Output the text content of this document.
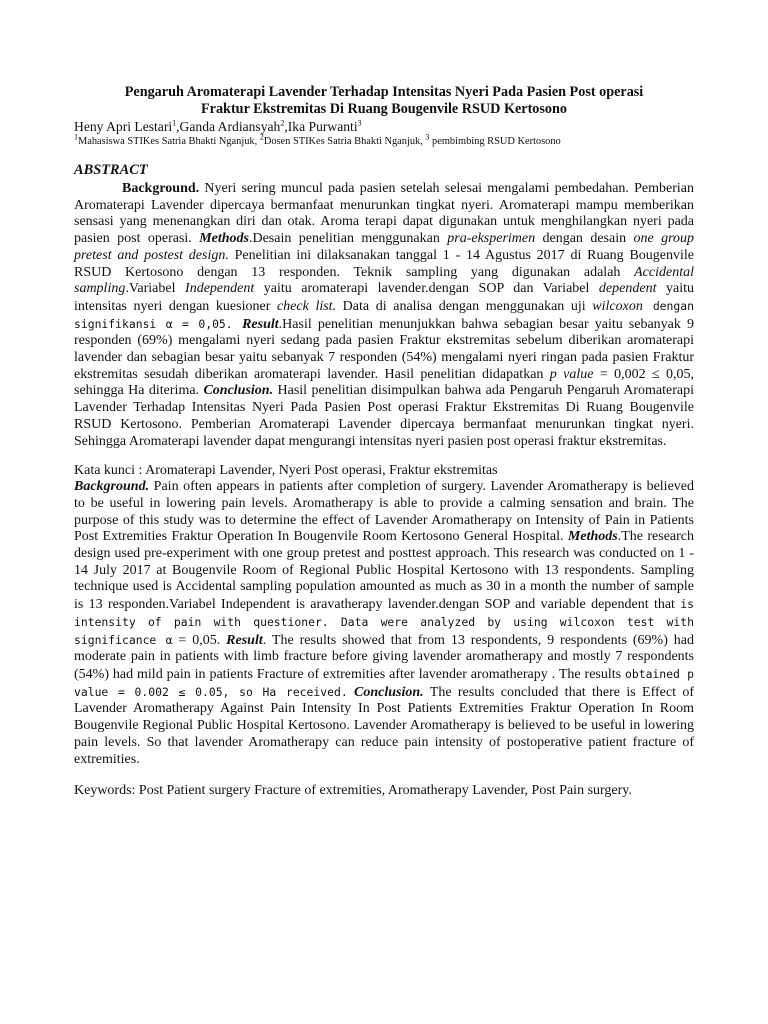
Pengaruh Aromaterapi Lavender Terhadap Intensitas Nyeri Pada Pasien Post operasi
Fraktur Ekstremitas Di Ruang Bougenvile RSUD Kertosono

Heny Apri Lestari$^1$,Ganda Ardiansyah$^2$,Ika Purwanti$^3$

$^1$Mahasiswa STIKes Satria Bhakti Nganjuk, $^2$Dosen STIKes Satria Bhakti Nganjuk, $^3$ pembimbing RSUD Kertosono

ABSTRACT

Background. Nyeri sering muncul pada pasien setelah selesai mengalami pembedahan. Pemberian Aromaterapi Lavender dipercaya bermanfaat menurunkan tingkat nyeri. Aromaterapi mampu memberikan sensasi yang menenangkan diri dan otak. Aroma terapi dapat digunakan untuk menghilangkan nyeri pada pasien post operasi. Methods.Desain penelitian menggunakan pra-eksperimen dengan desain one group pretest and postest design. Penelitian ini dilaksanakan tanggal 1 - 14 Agustus 2017 di Ruang Bougenvile RSUD Kertosono dengan 13 responden. Teknik sampling yang digunakan adalah Accidental sampling.Variabel Independent yaitu aromaterapi lavender.dengan SOP dan Variabel dependent yaitu intensitas nyeri dengan kuesioner check list. Data di analisa dengan menggunakan uji wilcoxon dengan signifikansi α = 0,05. Result.Hasil penelitian menunjukkan bahwa sebagian besar yaitu sebanyak 9 responden (69%) mengalami nyeri sedang pada pasien Fraktur ekstremitas sebelum diberikan aromaterapi lavender dan sebagian besar yaitu sebanyak 7 responden (54%) mengalami nyeri ringan pada pasien Fraktur ekstremitas sesudah diberikan aromaterapi lavender. Hasil penelitian didapatkan p value = 0,002 ≤ 0,05, sehingga Ha diterima. Conclusion. Hasil penelitian disimpulkan bahwa ada Pengaruh Pengaruh Aromaterapi Lavender Terhadap Intensitas Nyeri Pada Pasien Post operasi Fraktur Ekstremitas Di Ruang Bougenvile RSUD Kertosono. Pemberian Aromaterapi Lavender dipercaya bermanfaat menurunkan tingkat nyeri. Sehingga Aromaterapi lavender dapat mengurangi intensitas nyeri pasien post operasi fraktur ekstremitas.

Kata kunci : Aromaterapi Lavender, Nyeri Post operasi, Fraktur ekstremitas

Background. Pain often appears in patients after completion of surgery. Lavender Aromatherapy is believed to be useful in lowering pain levels. Aromatherapy is able to provide a calming sensation and brain. The purpose of this study was to determine the effect of Lavender Aromatherapy on Intensity of Pain in Patients Post Extremities Fraktur Operation In Bougenvile Room Kertosono General Hospital. Methods.The research design used pre-experiment with one group pretest and posttest approach. This research was conducted on 1 - 14 July 2017 at Bougenvile Room of Regional Public Hospital Kertosono with 13 respondents. Sampling technique used is Accidental sampling population amounted as much as 30 in a month the number of sample is 13 responden.Variabel Independent is aravatherapy lavender.dengan SOP and variable dependent that is intensity of pain with questioner. Data were analyzed by using wilcoxon test with significance α = 0,05. Result. The results showed that from 13 respondents, 9 respondents (69%) had moderate pain in patients with limb fracture before giving lavender aromatherapy and mostly 7 respondents (54%) had mild pain in patients Fracture of extremities after lavender aromatherapy . The results obtained p value = 0.002 ≤ 0.05, so Ha received. Conclusion. The results concluded that there is Effect of Lavender Aromatherapy Against Pain Intensity In Post Patients Extremities Fraktur Operation In Room Bougenvile Regional Public Hospital Kertosono. Lavender Aromatherapy is believed to be useful in lowering pain levels. So that lavender Aromatherapy can reduce pain intensity of postoperative patient fracture of extremities.

Keywords: Post Patient surgery Fracture of extremities, Aromatherapy Lavender, Post Pain surgery.
